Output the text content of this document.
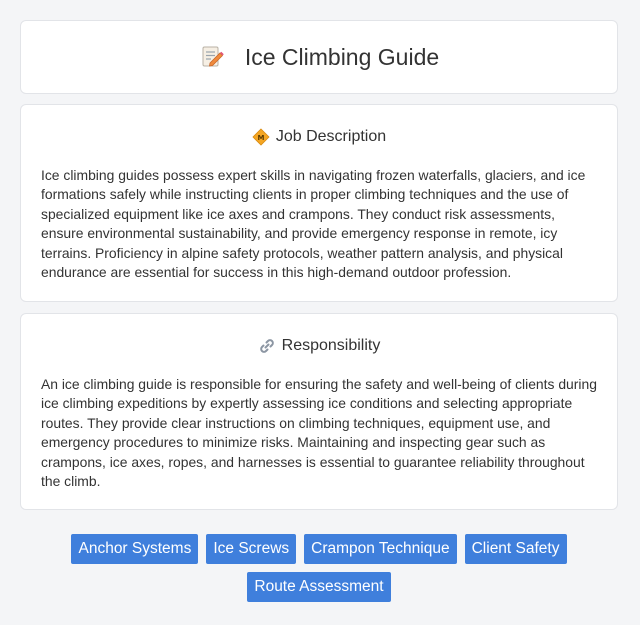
Ice Climbing Guide
M Job Description
Ice climbing guides possess expert skills in navigating frozen waterfalls, glaciers, and ice formations safely while instructing clients in proper climbing techniques and the use of specialized equipment like ice axes and crampons. They conduct risk assessments, ensure environmental sustainability, and provide emergency response in remote, icy terrains. Proficiency in alpine safety protocols, weather pattern analysis, and physical endurance are essential for success in this high-demand outdoor profession.
Responsibility
An ice climbing guide is responsible for ensuring the safety and well-being of clients during ice climbing expeditions by expertly assessing ice conditions and selecting appropriate routes. They provide clear instructions on climbing techniques, equipment use, and emergency procedures to minimize risks. Maintaining and inspecting gear such as crampons, ice axes, ropes, and harnesses is essential to guarantee reliability throughout the climb.
Anchor Systems	Ice Screws	Crampon Technique	Client Safety
Route Assessment
